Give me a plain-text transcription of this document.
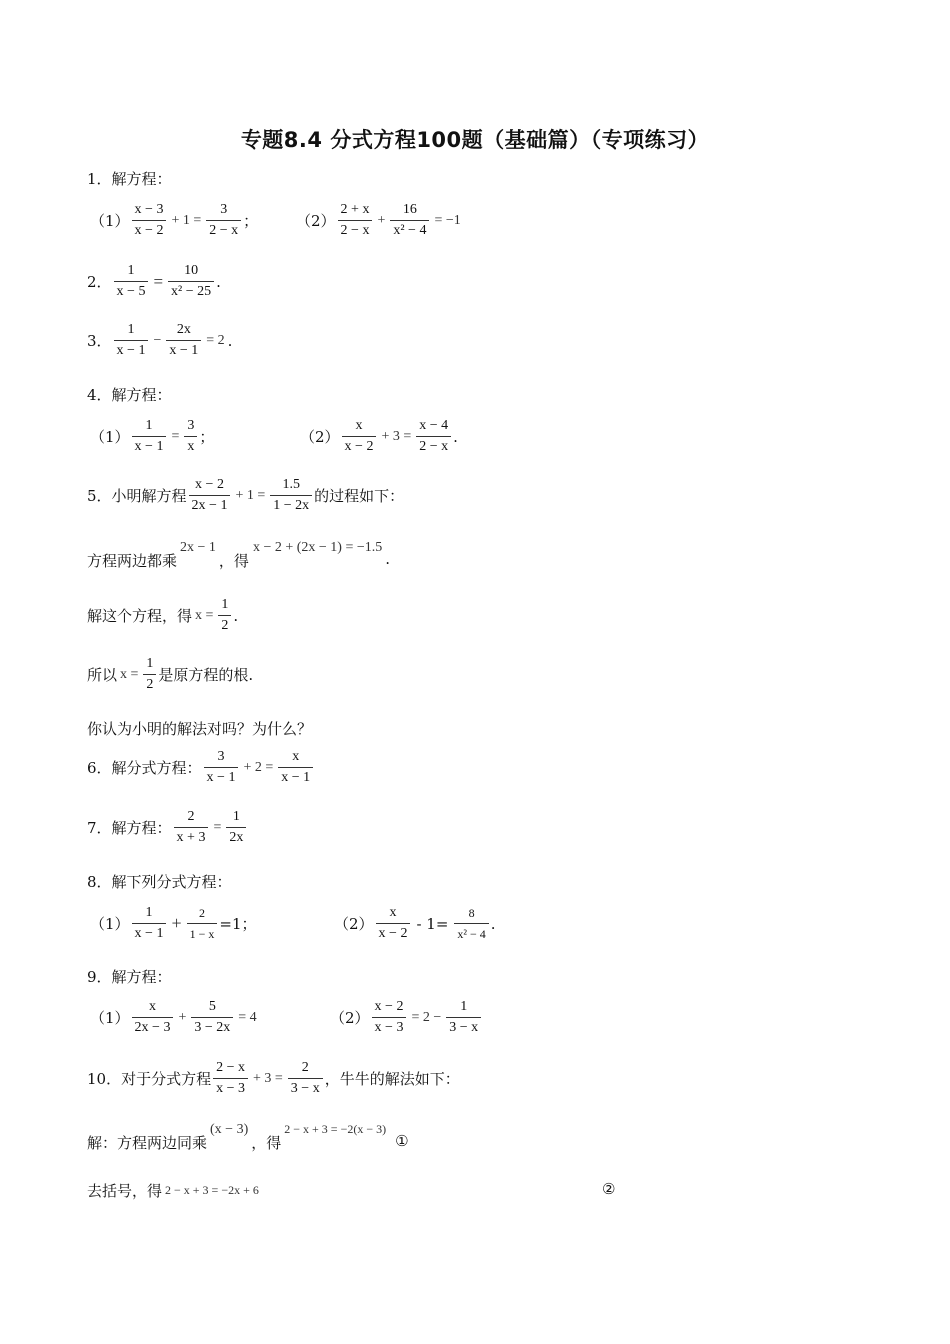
专题8.4 分式方程100题（基础篇）（专项练习）
1．解方程：
$(1) \frac{x - 3}{x - 2} + 1 = \frac{3}{2 - x}$ ；	$(2) \frac{2 + x}{2 - x} + \frac{16}{\text{x² − 4}} = -1$
2． $\frac{1}{x - 5} = \frac{10}{\text{x² − 25}}$ .
3． $\frac{1}{x - 1} - \frac{2x}{x - 1} = 2$ .
4．解方程：
$(1) \frac{1}{x - 1} = \frac{3}{x}$ ；	$(2) \frac{x}{x - 2} + 3 = \frac{x - 4}{2 - x}$ .
5．小明解方程 $\frac{x - 2}{2x - 1} + 1 = \frac{1.5}{1 - 2x}$ 的过程如下：
方程两边都乘
2x − 1
，得
x − 2 + (2x − 1) = −1.5
.
解这个方程，得 $x = \frac{1}{2}$ .
所以 $x = \frac{1}{2}$ 是原方程的根.
你认为小明的解法对吗？为什么？
6．解分式方程： $\frac{3}{x - 1} + 2 = \frac{x}{x - 1}$
7．解方程： $\frac{2}{x + 3} = \frac{1}{2x}$
8．解下列分式方程：
$(1) \frac{1}{x - 1} + \frac{2}{1 - x} =1$；	$(2) \frac{x}{x - 2} - 1= \frac{8}{\text{x² − 4}}$ .
9．解方程：
$(1) \frac{x}{2x - 3} + \frac{5}{3 - 2x} = 4$	$(2) \frac{x - 2}{x - 3} = 2 - \frac{1}{3 - x}$
10．对于分式方程 $\frac{2 - x}{x - 3} + 3 = \frac{2}{3 - x}$ ，牛牛的解法如下：
解：方程两边同乘
(x − 3)
，得
2 − x + 3 = −2(x − 3)
①
去括号，得 2 − x + 3 = −2x + 6	②
